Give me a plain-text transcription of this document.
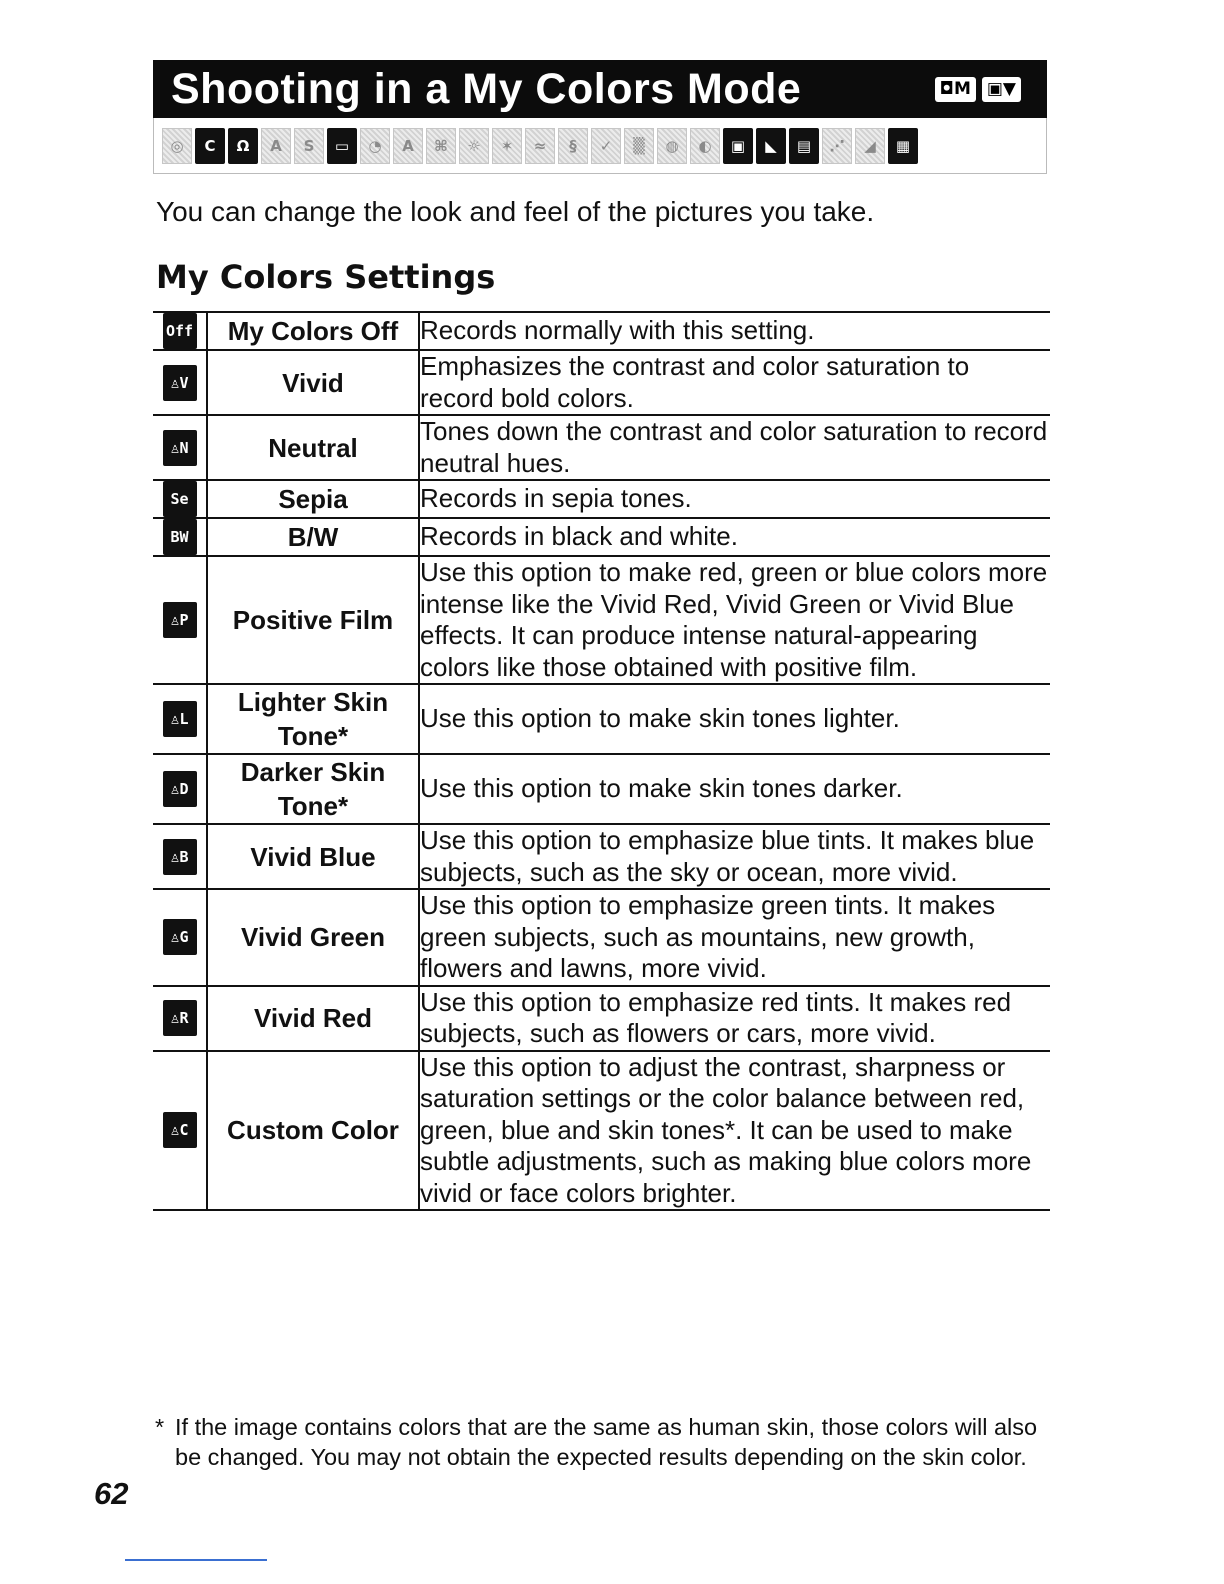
Shooting in a My Colors Mode	◘M ▣▼
◎	C	Ω	A	S	▭	◔	A	⌘	☼	✶	≈	§	✓	▒	◍	◐	▣	◣	▤	⋰	◢	▦

You can change the look and feel of the pictures you take.

My Colors Settings
Off	My Colors Off	Records normally with this setting.
♙V	Vivid	Emphasizes the contrast and color saturation to record bold colors.
♙N	Neutral	Tones down the contrast and color saturation to record neutral hues.
Se	Sepia	Records in sepia tones.
BW	B/W	Records in black and white.
♙P	Positive Film	Use this option to make red, green or blue colors more intense like the Vivid Red, Vivid Green or Vivid Blue effects. It can produce intense natural-appearing colors like those obtained with positive film.
♙L	Lighter Skin Tone*	Use this option to make skin tones lighter.
♙D	Darker Skin Tone*	Use this option to make skin tones darker.
♙B	Vivid Blue	Use this option to emphasize blue tints. It makes blue subjects, such as the sky or ocean, more vivid.
♙G	Vivid Green	Use this option to emphasize green tints. It makes green subjects, such as mountains, new growth, flowers and lawns, more vivid.
♙R	Vivid Red	Use this option to emphasize red tints. It makes red subjects, such as flowers or cars, more vivid.
♙C	Custom Color	Use this option to adjust the contrast, sharpness or saturation settings or the color balance between red, green, blue and skin tones*. It can be used to make subtle adjustments, such as making blue colors more vivid or face colors brighter.
* If the image contains colors that are the same as human skin, those colors will also be changed. You may not obtain the expected results depending on the skin color.
62
